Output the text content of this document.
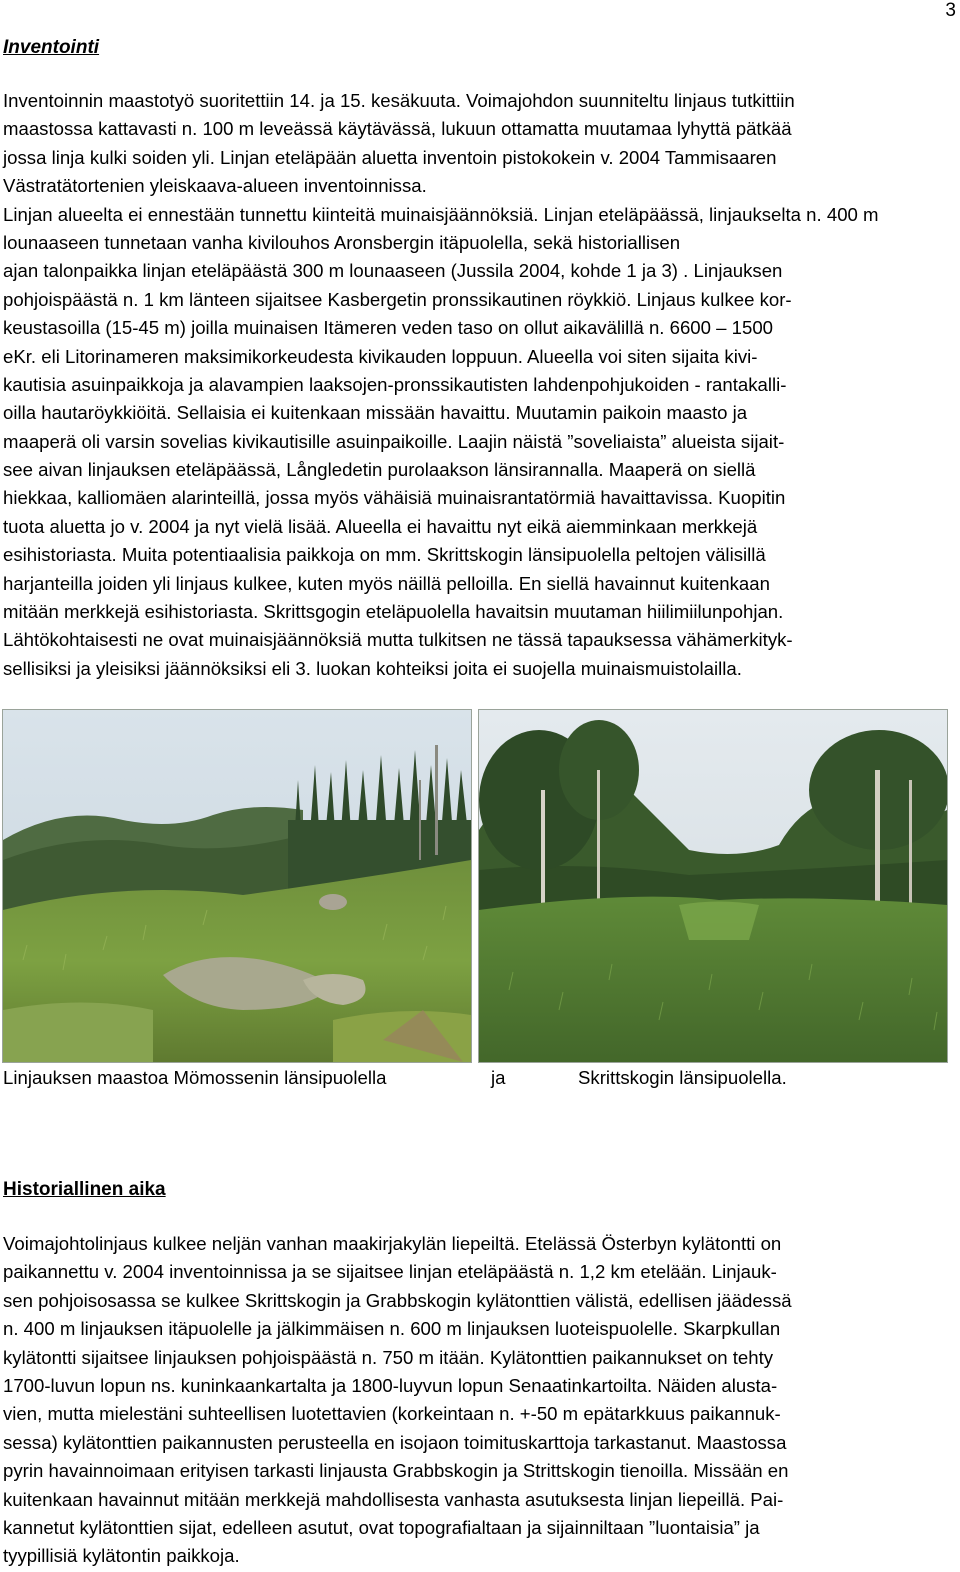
3
Inventointi
Inventoinnin maastotyö suoritettiin 14. ja 15. kesäkuuta. Voimajohdon suunniteltu linjaus tutkittiin
maastossa kattavasti n. 100 m leveässä käytävässä, lukuun ottamatta muutamaa lyhyttä pätkää
jossa linja kulki soiden yli. Linjan eteläpään aluetta inventoin pistokokein v. 2004 Tammisaaren
Västratätortenien yleiskaava-alueen inventoinnissa.
Linjan alueelta ei ennestään tunnettu kiinteitä muinaisjäännöksiä. Linjan eteläpäässä, linjaukselta n. 400 m lounaaseen tunnetaan vanha kivilouhos Aronsbergin itäpuolella, sekä historiallisen
ajan talonpaikka linjan eteläpäästä 300 m lounaaseen (Jussila 2004, kohde 1 ja 3) . Linjauksen
pohjoispäästä n. 1 km länteen sijaitsee Kasbergetin pronssikautinen röykkiö. Linjaus kulkee kor-
keustasoilla (15-45 m) joilla muinaisen Itämeren veden taso on ollut aikavälillä n. 6600 – 1500
eKr. eli Litorinameren maksimikorkeudesta kivikauden loppuun. Alueella voi siten sijaita kivi-
kautisia asuinpaikkoja ja alavampien laaksojen-pronssikautisten lahdenpohjukoiden - rantakalli-
oilla hautaröykkiöitä. Sellaisia ei kuitenkaan missään havaittu. Muutamin paikoin maasto ja
maaperä oli varsin sovelias kivikautisille asuinpaikoille. Laajin näistä ”soveliaista” alueista sijait-
see aivan linjauksen eteläpäässä, Långledetin purolaakson länsirannalla. Maaperä on siellä
hiekkaa, kalliomäen alarinteillä, jossa myös vähäisiä muinaisrantatörmiä havaittavissa. Kuopitin
tuota aluetta jo v. 2004 ja nyt vielä lisää. Alueella ei havaittu nyt eikä aiemminkaan merkkejä
esihistoriasta. Muita potentiaalisia paikkoja on mm. Skrittskogin länsipuolella peltojen välisillä
harjanteilla joiden yli linjaus kulkee, kuten myös näillä pelloilla. En siellä havainnut kuitenkaan
mitään merkkejä esihistoriasta. Skrittsgogin eteläpuolella havaitsin muutaman hiilimiilunpohjan.
Lähtökohtaisesti ne ovat muinaisjäännöksiä mutta tulkitsen ne tässä tapauksessa vähämerkityk-
sellisiksi ja yleisiksi jäännöksiksi eli 3. luokan kohteiksi joita ei suojella muinaismuistolailla.
Linjauksen maastoa Mömossenin länsipuolella	ja	Skrittskogin länsipuolella.
Historiallinen aika
Voimajohtolinjaus kulkee neljän vanhan maakirjakylän liepeiltä. Etelässä Österbyn kylätontti on
paikannettu v. 2004 inventoinnissa ja se sijaitsee linjan eteläpäästä n. 1,2 km etelään. Linjauk-
sen pohjoisosassa se kulkee Skrittskogin ja Grabbskogin kylätonttien välistä, edellisen jäädessä
n. 400 m linjauksen itäpuolelle ja jälkimmäisen n. 600 m linjauksen luoteispuolelle. Skarpkullan
kylätontti sijaitsee linjauksen pohjoispäästä n. 750 m itään. Kylätonttien paikannukset on tehty
1700-luvun lopun ns. kuninkaankartalta ja 1800-luyvun lopun Senaatinkartoilta. Näiden alusta-
vien, mutta mielestäni suhteellisen luotettavien (korkeintaan n. +-50 m epätarkkuus paikannuk-
sessa) kylätonttien paikannusten perusteella en isojaon toimituskarttoja tarkastanut. Maastossa
pyrin havainnoimaan erityisen tarkasti linjausta Grabbskogin ja Strittskogin tienoilla. Missään en
kuitenkaan havainnut mitään merkkejä mahdollisesta vanhasta asutuksesta linjan liepeillä. Pai-
kannetut kylätonttien sijat, edelleen asutut, ovat topografialtaan ja sijainniltaan ”luontaisia” ja
tyypillisiä kylätontin paikkoja.
